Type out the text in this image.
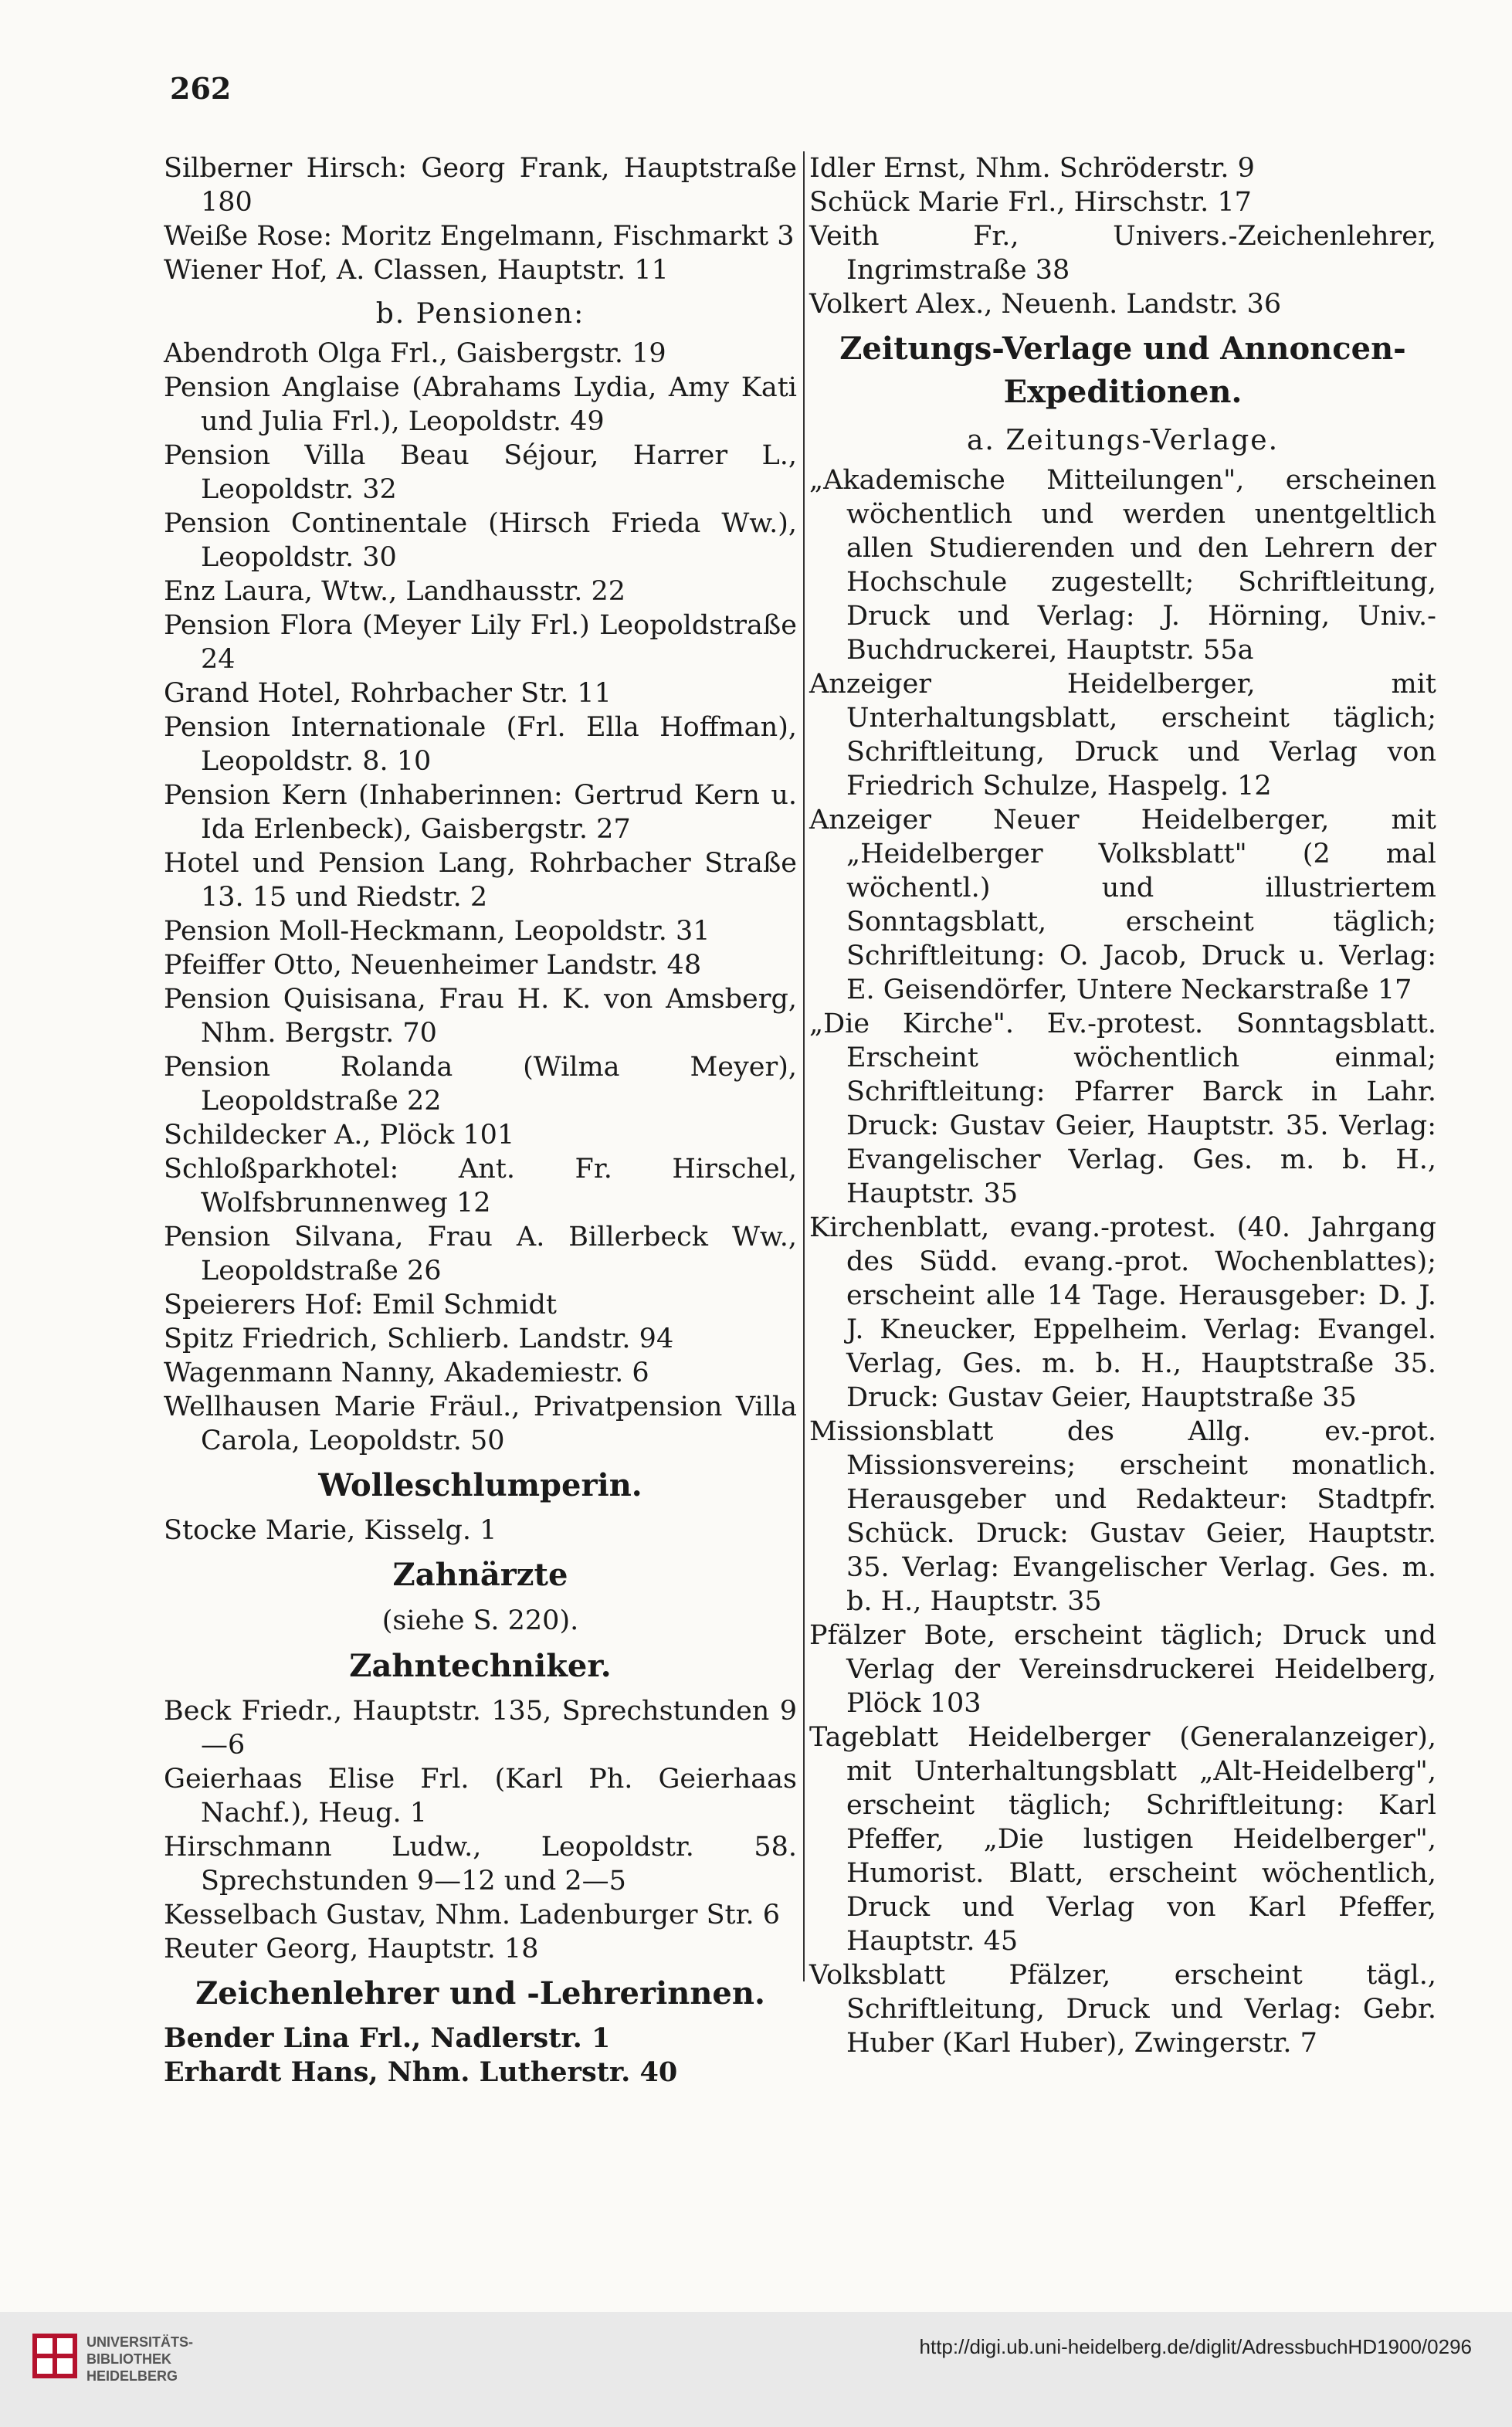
262
Silberner Hirsch: Georg Frank, Hauptstraße 180
Weiße Rose: Moritz Engelmann, Fischmarkt 3
Wiener Hof, A. Classen, Hauptstr. 11
b. Pensionen:
Abendroth Olga Frl., Gaisbergstr. 19
Pension Anglaise (Abrahams Lydia, Amy Kati und Julia Frl.), Leopoldstr. 49
Pension Villa Beau Séjour, Harrer L., Leopoldstr. 32
Pension Continentale (Hirsch Frieda Ww.), Leopoldstr. 30
Enz Laura, Wtw., Landhausstr. 22
Pension Flora (Meyer Lily Frl.) Leopoldstraße 24
Grand Hotel, Rohrbacher Str. 11
Pension Internationale (Frl. Ella Hoffman), Leopoldstr. 8. 10
Pension Kern (Inhaberinnen: Gertrud Kern u. Ida Erlenbeck), Gaisbergstr. 27
Hotel und Pension Lang, Rohrbacher Straße 13. 15 und Riedstr. 2
Pension Moll-Heckmann, Leopoldstr. 31
Pfeiffer Otto, Neuenheimer Landstr. 48
Pension Quisisana, Frau H. K. von Amsberg, Nhm. Bergstr. 70
Pension Rolanda (Wilma Meyer), Leopoldstraße 22
Schildecker A., Plöck 101
Schloßparkhotel: Ant. Fr. Hirschel, Wolfsbrunnenweg 12
Pension Silvana, Frau A. Billerbeck Ww., Leopoldstraße 26
Speierers Hof: Emil Schmidt
Spitz Friedrich, Schlierb. Landstr. 94
Wagenmann Nanny, Akademiestr. 6
Wellhausen Marie Fräul., Privatpension Villa Carola, Leopoldstr. 50
Wolleschlumperin.
Stocke Marie, Kisselg. 1
Zahnärzte
(siehe S. 220).
Zahntechniker.
Beck Friedr., Hauptstr. 135, Sprechstunden 9—6
Geierhaas Elise Frl. (Karl Ph. Geierhaas Nachf.), Heug. 1
Hirschmann Ludw., Leopoldstr. 58. Sprechstunden 9—12 und 2—5
Kesselbach Gustav, Nhm. Ladenburger Str. 6
Reuter Georg, Hauptstr. 18
Zeichenlehrer und -Lehrerinnen.
Bender Lina Frl., Nadlerstr. 1
Erhardt Hans, Nhm. Lutherstr. 40
Idler Ernst, Nhm. Schröderstr. 9
Schück Marie Frl., Hirschstr. 17
Veith Fr., Univers.-Zeichenlehrer, Ingrimstraße 38
Volkert Alex., Neuenh. Landstr. 36
Zeitungs-Verlage und Annoncen-Expeditionen.
a. Zeitungs-Verlage.
„Akademische Mitteilungen", erscheinen wöchentlich und werden unentgeltlich allen Studierenden und den Lehrern der Hochschule zugestellt; Schriftleitung, Druck und Verlag: J. Hörning, Univ.-Buchdruckerei, Hauptstr. 55a
Anzeiger Heidelberger, mit Unterhaltungsblatt, erscheint täglich; Schriftleitung, Druck und Verlag von Friedrich Schulze, Haspelg. 12
Anzeiger Neuer Heidelberger, mit „Heidelberger Volksblatt" (2 mal wöchentl.) und illustriertem Sonntagsblatt, erscheint täglich; Schriftleitung: O. Jacob, Druck u. Verlag: E. Geisendörfer, Untere Neckarstraße 17
„Die Kirche". Ev.-protest. Sonntagsblatt. Erscheint wöchentlich einmal; Schriftleitung: Pfarrer Barck in Lahr. Druck: Gustav Geier, Hauptstr. 35. Verlag: Evangelischer Verlag. Ges. m. b. H., Hauptstr. 35
Kirchenblatt, evang.-protest. (40. Jahrgang des Südd. evang.-prot. Wochenblattes); erscheint alle 14 Tage. Herausgeber: D. J. J. Kneucker, Eppelheim. Verlag: Evangel. Verlag, Ges. m. b. H., Hauptstraße 35. Druck: Gustav Geier, Hauptstraße 35
Missionsblatt des Allg. ev.-prot. Missionsvereins; erscheint monatlich. Herausgeber und Redakteur: Stadtpfr. Schück. Druck: Gustav Geier, Hauptstr. 35. Verlag: Evangelischer Verlag. Ges. m. b. H., Hauptstr. 35
Pfälzer Bote, erscheint täglich; Druck und Verlag der Vereinsdruckerei Heidelberg, Plöck 103
Tageblatt Heidelberger (Generalanzeiger), mit Unterhaltungsblatt „Alt-Heidelberg", erscheint täglich; Schriftleitung: Karl Pfeffer, „Die lustigen Heidelberger", Humorist. Blatt, erscheint wöchentlich, Druck und Verlag von Karl Pfeffer, Hauptstr. 45
Volksblatt Pfälzer, erscheint tägl., Schriftleitung, Druck und Verlag: Gebr. Huber (Karl Huber), Zwingerstr. 7
UNIVERSITÄTS-
BIBLIOTHEK
HEIDELBERG
http://digi.ub.uni-heidelberg.de/diglit/AdressbuchHD1900/0296
